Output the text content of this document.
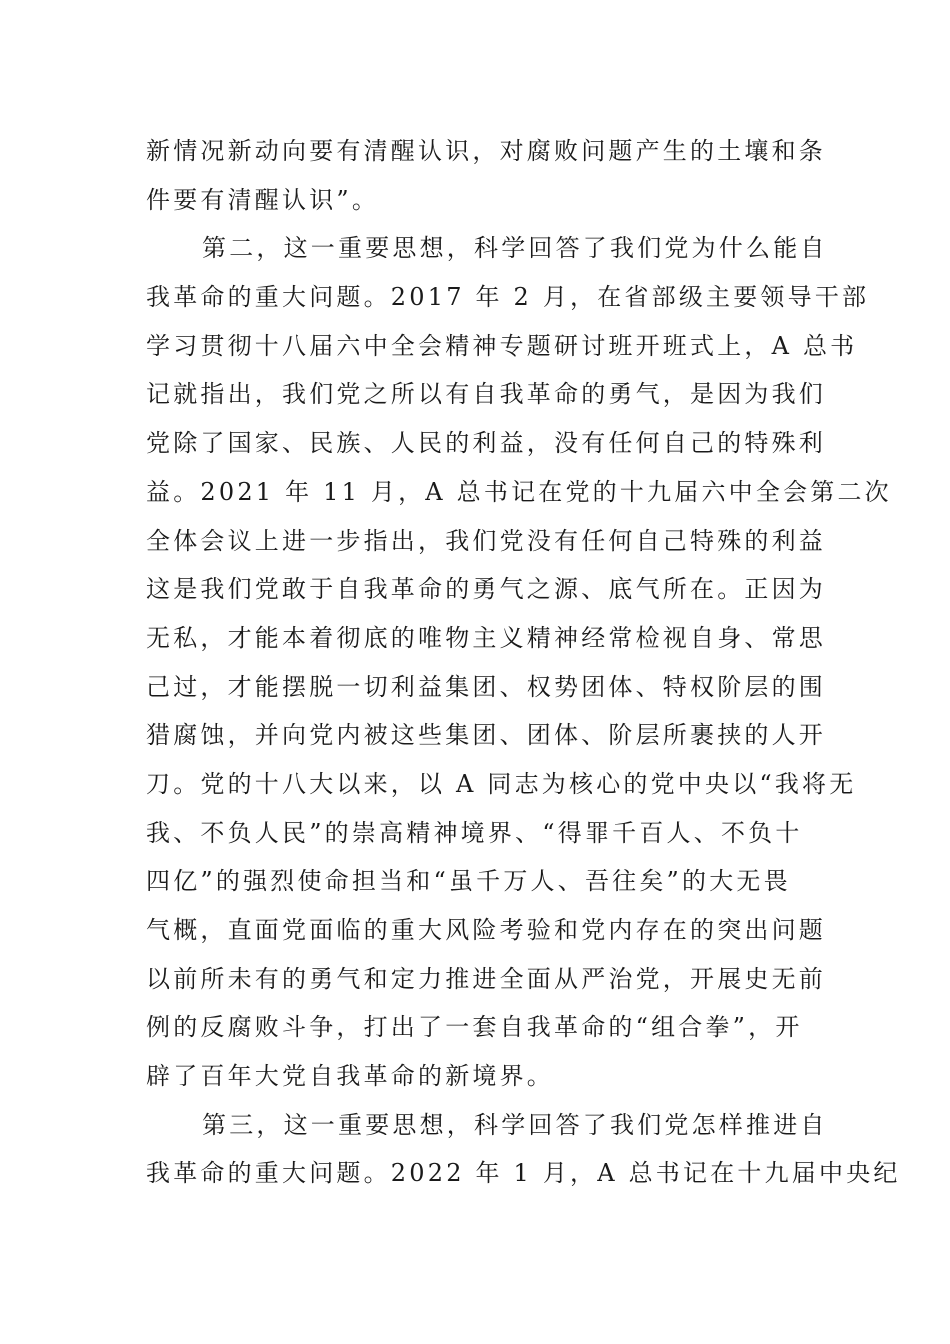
新情况新动向要有清醒认识，对腐败问题产生的土壤和条
件要有清醒认识”。
第二，这一重要思想，科学回答了我们党为什么能自
我革命的重大问题。2017 年 2 月，在省部级主要领导干部
学习贯彻十八届六中全会精神专题研讨班开班式上，A 总书
记就指出，我们党之所以有自我革命的勇气，是因为我们
党除了国家、民族、人民的利益，没有任何自己的特殊利
益。2021 年 11 月，A 总书记在党的十九届六中全会第二次
全体会议上进一步指出，我们党没有任何自己特殊的利益
这是我们党敢于自我革命的勇气之源、底气所在。正因为
无私，才能本着彻底的唯物主义精神经常检视自身、常思
己过，才能摆脱一切利益集团、权势团体、特权阶层的围
猎腐蚀，并向党内被这些集团、团体、阶层所裹挟的人开
刀。党的十八大以来，以 A 同志为核心的党中央以“我将无
我、不负人民”的崇高精神境界、“得罪千百人、不负十
四亿”的强烈使命担当和“虽千万人、吾往矣”的大无畏
气概，直面党面临的重大风险考验和党内存在的突出问题
以前所未有的勇气和定力推进全面从严治党，开展史无前
例的反腐败斗争，打出了一套自我革命的“组合拳”，开
辟了百年大党自我革命的新境界。
第三，这一重要思想，科学回答了我们党怎样推进自
我革命的重大问题。2022 年 1 月，A 总书记在十九届中央纪
